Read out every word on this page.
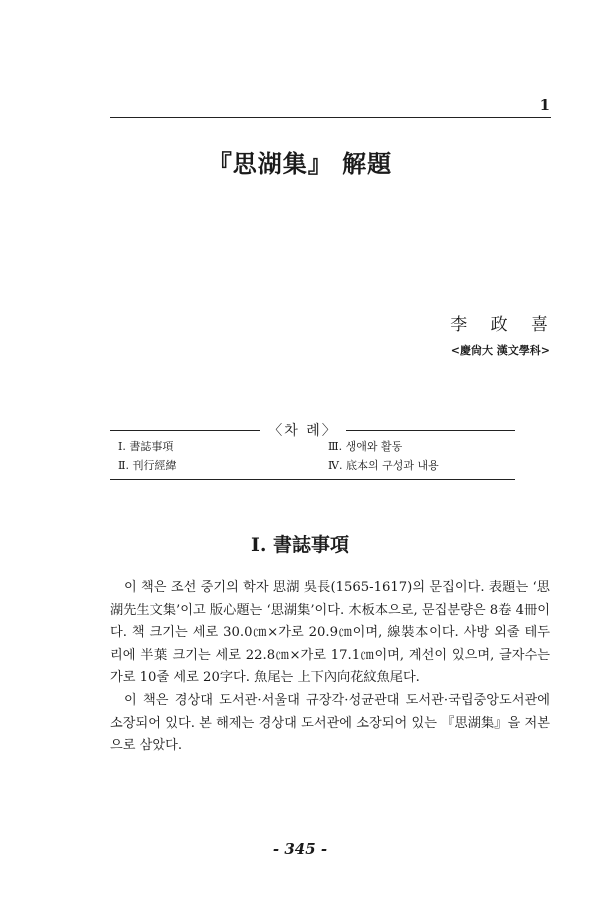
1
『思湖集』 解題
李 政 喜
<慶尙大 漢文學科>
〈차 례〉
Ⅰ. 書誌事項
Ⅱ. 刊行經緯
Ⅲ. 생애와 활동
Ⅳ. 底本의 구성과 내용
Ⅰ. 書誌事項

이 책은 조선 중기의 학자 思湖 吳長(1565-1617)의 문집이다. 表題는 ‘思湖先生文集’이고 版心題는 ‘思湖集’이다. 木板本으로, 문집분량은 8卷 4冊이다. 책 크기는 세로 30.0㎝×가로 20.9㎝이며, 線裝本이다. 사방 외줄 테두리에 半葉 크기는 세로 22.8㎝×가로 17.1㎝이며, 계선이 있으며, 글자수는 가로 10줄 세로 20字다. 魚尾는 上下內向花紋魚尾다.

이 책은 경상대 도서관·서울대 규장각·성균관대 도서관·국립중앙도서관에 소장되어 있다. 본 해제는 경상대 도서관에 소장되어 있는 『思湖集』을 저본으로 삼았다.

- 345 -
